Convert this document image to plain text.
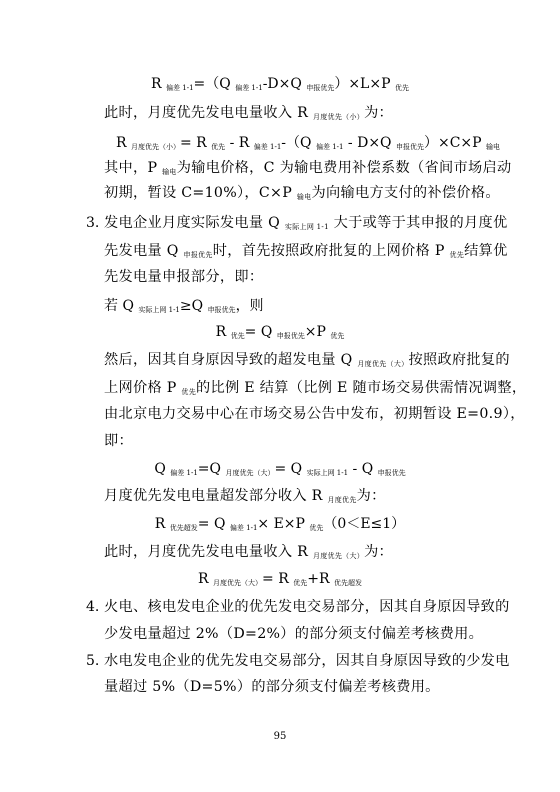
R $_{偏差 1-1}$=（Q $_{偏差 1-1}$-D×Q $_{申报优先}$）×L×P $_{优先}$
此时，月度优先发电电量收入 R $_{月度优先(小)}$为：
R $_{月度优先(小)}$= R $_{优先}$ - R $_{偏差 1-1}$-（Q $_{偏差 1-1}$ - D×Q $_{申报优先}$）×C×P $_{输电}$
其中，P $_{输电}$为输电价格，C 为输电费用补偿系数（省间市场启动
初期，暂设 C=10%），C×P $_{输电}$为向输电方支付的补偿价格。
3. 发电企业月度实际发电量 Q $_{实际上网 1-1}$ 大于或等于其申报的月度优
先发电量 Q $_{申报优先}$时，首先按照政府批复的上网价格 P $_{优先}$结算优
先发电量申报部分，即：
若 Q $_{实际上网 1-1}$≥Q $_{申报优先}$，则
R $_{优先}$= Q $_{申报优先}$×P $_{优先}$
然后，因其自身原因导致的超发电量 Q $_{月度优先(大)}$按照政府批复的
上网价格 P $_{优先}$的比例 E 结算（比例 E 随市场交易供需情况调整，
由北京电力交易中心在市场交易公告中发布，初期暂设 E=0.9），
即：
Q $_{偏差 1-1}$=Q $_{月度优先(大)}$= Q $_{实际上网 1-1}$ - Q $_{申报优先}$
月度优先发电电量超发部分收入 R $_{月度优先}$为：
R $_{优先超发}$= Q $_{偏差 1-1}$× E×P $_{优先}$（0＜E≤1）
此时，月度优先发电电量收入 R $_{月度优先(大)}$为：
R $_{月度优先(大)}$= R $_{优先}$+R $_{优先超发}$
4. 火电、核电发电企业的优先发电交易部分，因其自身原因导致的
少发电量超过 2%（D=2%）的部分须支付偏差考核费用。
5. 水电发电企业的优先发电交易部分，因其自身原因导致的少发电
量超过 5%（D=5%）的部分须支付偏差考核费用。
95
